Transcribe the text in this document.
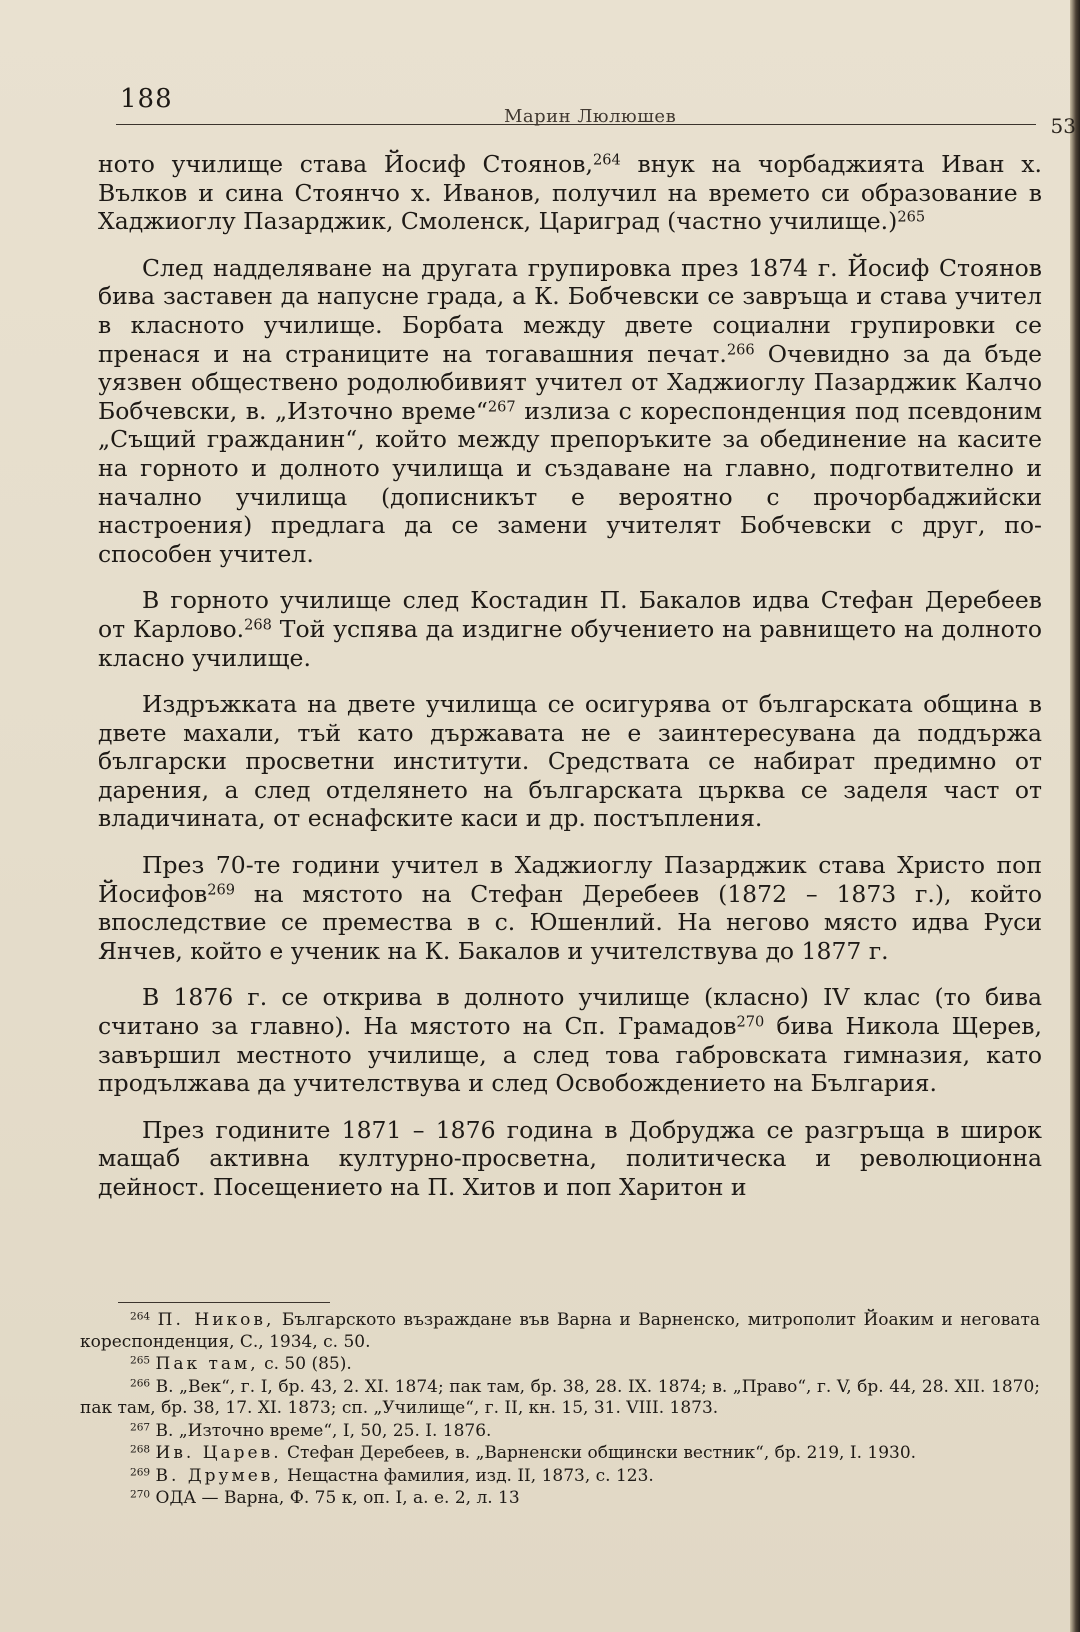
53
188
Марин Люлюшев

ното училище става Йосиф Стоянов,$^{264}$ внук на чорбаджията Иван х. Вълков и сина Стоянчо х. Иванов, получил на времето си образование в Хаджиоглу Пазарджик, Смоленск, Цариград (частно училище.)$^{265}$

След надделяване на другата групировка през 1874 г. Йосиф Стоянов бива заставен да напусне града, а К. Бобчевски се завръща и става учител в класното училище. Борбата между двете социални групировки се пренася и на страниците на тогавашния печат.$^{266}$ Очевидно за да бъде уязвен обществено родолюбивият учител от Хаджиоглу Пазарджик Калчо Бобчевски, в. „Източно време“$^{267}$ излиза с кореспонденция под псевдоним „Същий гражданин“, който между препоръките за обединение на касите на горното и долното училища и създаване на главно, подготвително и начално училища (дописникът е вероятно с прочорбаджийски настроения) предлага да се замени учителят Бобчевски с друг, по-способен учител.

В горното училище след Костадин П. Бакалов идва Стефан Деребеев от Карлово.$^{268}$ Той успява да издигне обучението на равнището на долното класно училище.

Издръжката на двете училища се осигурява от българската община в двете махали, тъй като държавата не е заинтересувана да поддържа български просветни институти. Средствата се набират предимно от дарения, а след отделянето на българската църква се заделя част от владичината, от еснафските каси и др. постъпления.

През 70-те години учител в Хаджиоглу Пазарджик става Христо поп Йосифов$^{269}$ на мястото на Стефан Деребеев (1872 – 1873 г.), който впоследствие се премества в с. Юшенлий. На негово място идва Руси Янчев, който е ученик на К. Бакалов и учителствува до 1877 г.

В 1876 г. се открива в долното училище (класно) IV клас (то бива считано за главно). На мястото на Сп. Грамадов$^{270}$ бива Никола Щерев, завършил местното училище, а след това габровската гимназия, като продължава да учителствува и след Освобождението на България.

През годините 1871 – 1876 година в Добруджа се разгръща в широк мащаб активна културно-просветна, политическа и революционна дейност. Посещението на П. Хитов и поп Харитон и

$^{264}$ П. Ников, Българското възраждане във Варна и Варненско, митрополит Йоаким и неговата кореспонденция, С., 1934, с. 50.

$^{265}$ Пак там, с. 50 (85).

$^{266}$ В. „Век“, г. I, бр. 43, 2. XI. 1874; пак там, бр. 38, 28. IX. 1874; в. „Право“, г. V, бр. 44, 28. XII. 1870; пак там, бр. 38, 17. XI. 1873; сп. „Училище“, г. II, кн. 15, 31. VIII. 1873.

$^{267}$ В. „Източно време“, I, 50, 25. I. 1876.

$^{268}$ Ив. Царев. Стефан Деребеев, в. „Варненски общински вестник“, бр. 219, I. 1930.

$^{269}$ В. Друмев, Нещастна фамилия, изд. II, 1873, с. 123.

$^{270}$ ОДА — Варна, Ф. 75 к, оп. I, а. е. 2, л. 13
